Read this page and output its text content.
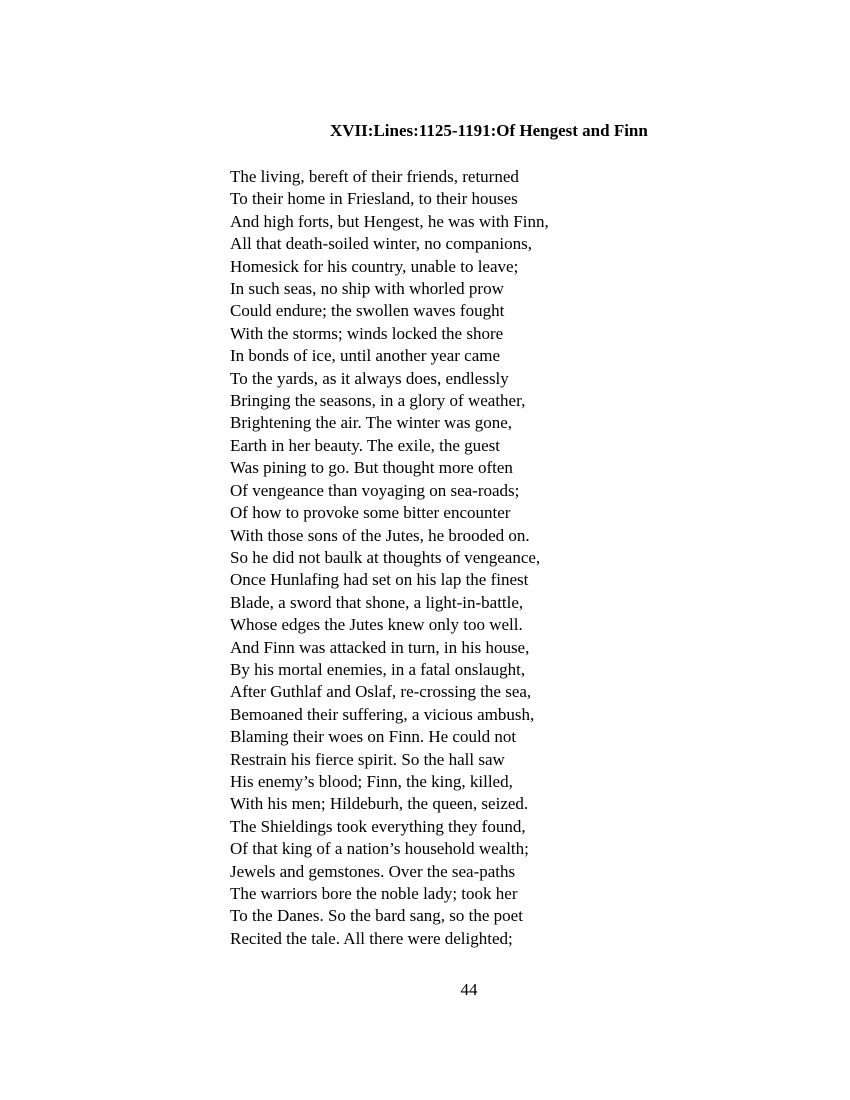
XVII:Lines:1125-1191:Of Hengest and Finn
The living, bereft of their friends, returned
To their home in Friesland, to their houses
And high forts, but Hengest, he was with Finn,
All that death-soiled winter, no companions,
Homesick for his country, unable to leave;
In such seas, no ship with whorled prow
Could endure; the swollen waves fought
With the storms; winds locked the shore
In bonds of ice, until another year came
To the yards, as it always does, endlessly
Bringing the seasons, in a glory of weather,
Brightening the air. The winter was gone,
Earth in her beauty. The exile, the guest
Was pining to go. But thought more often
Of vengeance than voyaging on sea-roads;
Of how to provoke some bitter encounter
With those sons of the Jutes, he brooded on.
So he did not baulk at thoughts of vengeance,
Once Hunlafing had set on his lap the finest
Blade, a sword that shone, a light-in-battle,
Whose edges the Jutes knew only too well.
And Finn was attacked in turn, in his house,
By his mortal enemies, in a fatal onslaught,
After Guthlaf and Oslaf, re-crossing the sea,
Bemoaned their suffering, a vicious ambush,
Blaming their woes on Finn. He could not
Restrain his fierce spirit. So the hall saw
His enemy’s blood; Finn, the king, killed,
With his men; Hildeburh, the queen, seized.
The Shieldings took everything they found,
Of that king of a nation’s household wealth;
Jewels and gemstones. Over the sea-paths
The warriors bore the noble lady; took her
To the Danes. So the bard sang, so the poet
Recited the tale. All there were delighted;
44
